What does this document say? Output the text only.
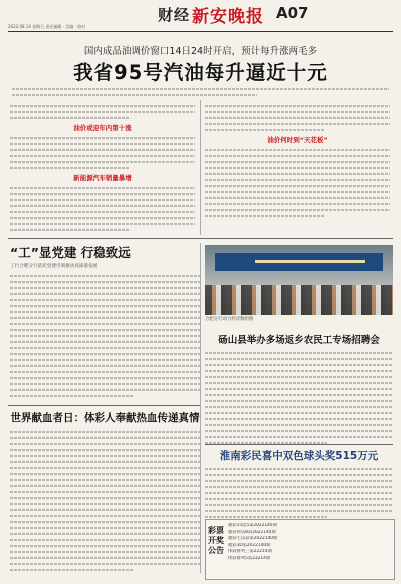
财经 新安晚报 A07
2022.08.14 星期日 责任编辑 · 美编 · 校对
国内成品油调价窗口14日24时开启，预计每升涨两毛多
我省95号汽油每升逼近十元
油价或迎年内第十涨
新能源汽车销量暴增
油价何时到“天花板”
“工”显党建 行稳致远
工行合肥分行依托党建引领推动高质量发展
合肥分行动力经济数组图
砀山县举办多场返乡农民工专场招聘会
世界献血者日：体彩人奉献热血传递真情
淮南彩民喜中双色球头奖515万元
彩票开奖公告
福彩15选5第2022140期
福彩快乐8第2022140期
福彩七乐彩第2022140期
福彩3D第2022140期
体彩排列三第22214期
体彩排列5第22214期
